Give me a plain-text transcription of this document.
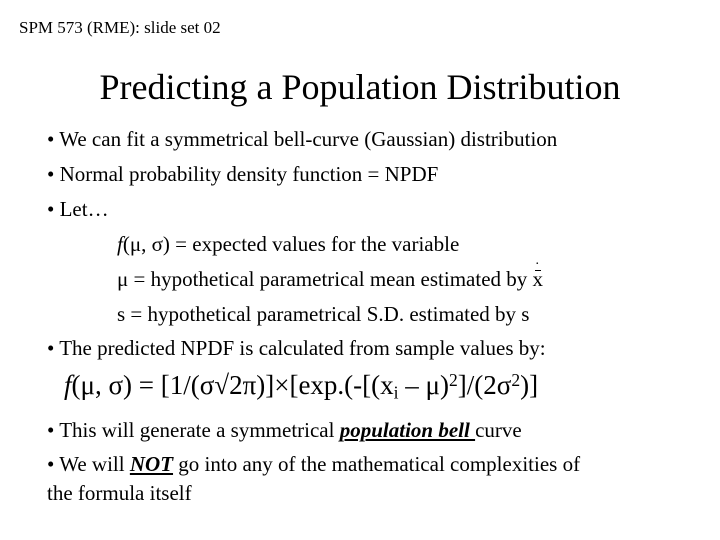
SPM 573 (RME): slide set 02
Predicting a Population Distribution
• We can fit a symmetrical bell-curve (Gaussian) distribution
• Normal probability density function = NPDF
• Let…
f(μ, σ) = expected values for the variable
μ = hypothetical parametrical mean estimated by x .
s = hypothetical parametrical S.D. estimated by s
• The predicted NPDF is calculated from sample values by:
f(μ, $\sigma) = [1/(\sigma√2\pi)]\times[\exp.(-[(x_i - \mu)^2]/(2\sigma^2)]$
• This will generate a symmetrical population bell curve
• We will NOT go into any of the mathematical complexities of
the formula itself
